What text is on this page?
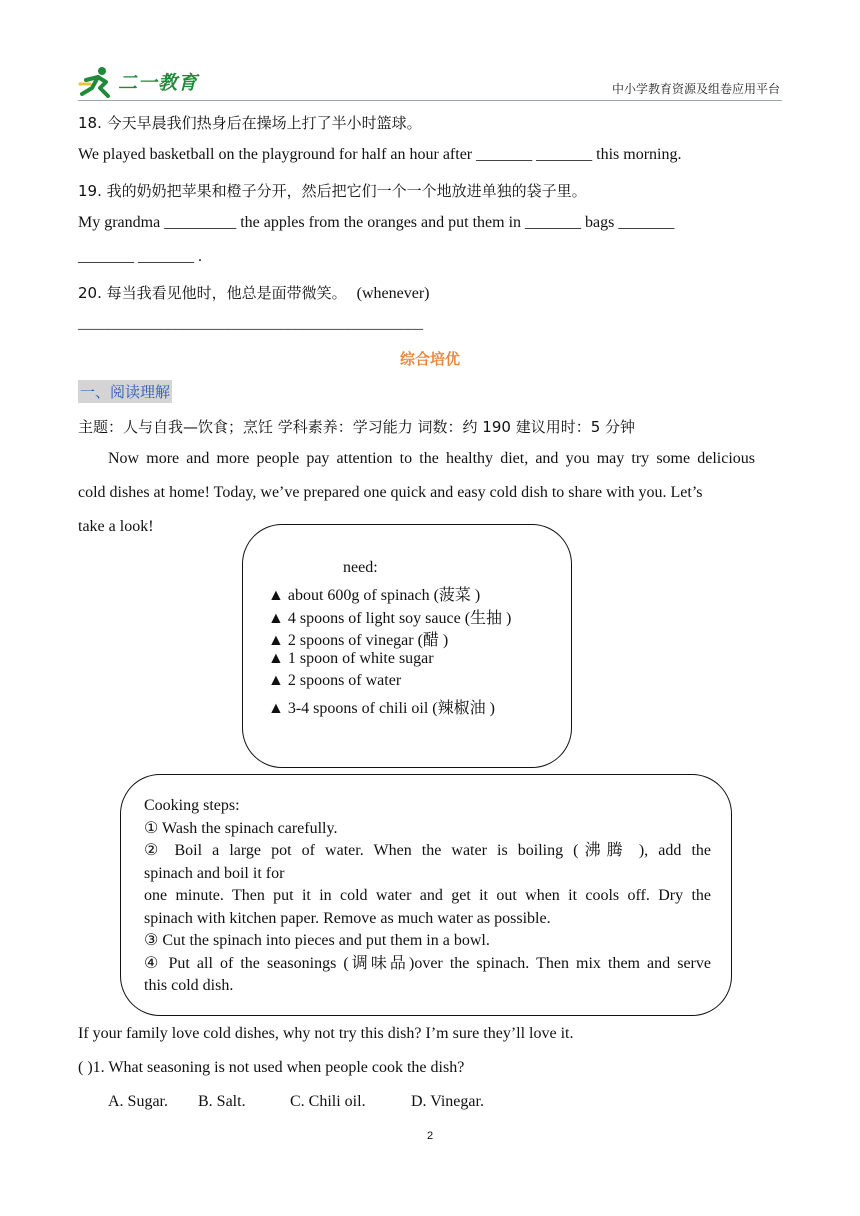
二一教育	中小学教育资源及组卷应用平台
18. 今天早晨我们热身后在操场上打了半小时篮球。
We played basketball on the playground for half an hour after _______ _______ this morning.
19. 我的奶奶把苹果和橙子分开，然后把它们一个一个地放进单独的袋子里。
My grandma _________ the apples from the oranges and put them in _______ bags _______
_______ _______ .
20. 每当我看见他时，他总是面带微笑。 (whenever)
______________________________________________
综合培优
一、阅读理解
主题：人与自我—饮食；烹饪 学科素养：学习能力 词数：约 190 建议用时：5 分钟
Now more and more people pay attention to the healthy diet, and you may try some delicious
cold dishes at home! Today, we’ve prepared one quick and easy cold dish to share with you. Let’s
take a look!
need:
▲ about 600g of spinach (菠菜 )
▲ 4 spoons of light soy sauce (生抽 )
▲ 2 spoons of vinegar (醋 )
▲ 1 spoon of white sugar
▲ 2 spoons of water
▲ 3-4 spoons of chili oil (辣椒油 )
Cooking steps:
① Wash the spinach carefully.
② Boil a large pot of water. When the water is boiling (沸腾 ), add the
spinach and boil it for
one minute. Then put it in cold water and get it out when it cools off. Dry the
spinach with kitchen paper. Remove as much water as possible.
③ Cut the spinach into pieces and put them in a bowl.
④ Put all of the seasonings (调味品)over the spinach. Then mix them and serve
this cold dish.
If your family love cold dishes, why not try this dish? I’m sure they’ll love it.
( )1. What seasoning is not used when people cook the dish?
A. Sugar. B. Salt.	C. Chili oil.	D. Vinegar.
2
